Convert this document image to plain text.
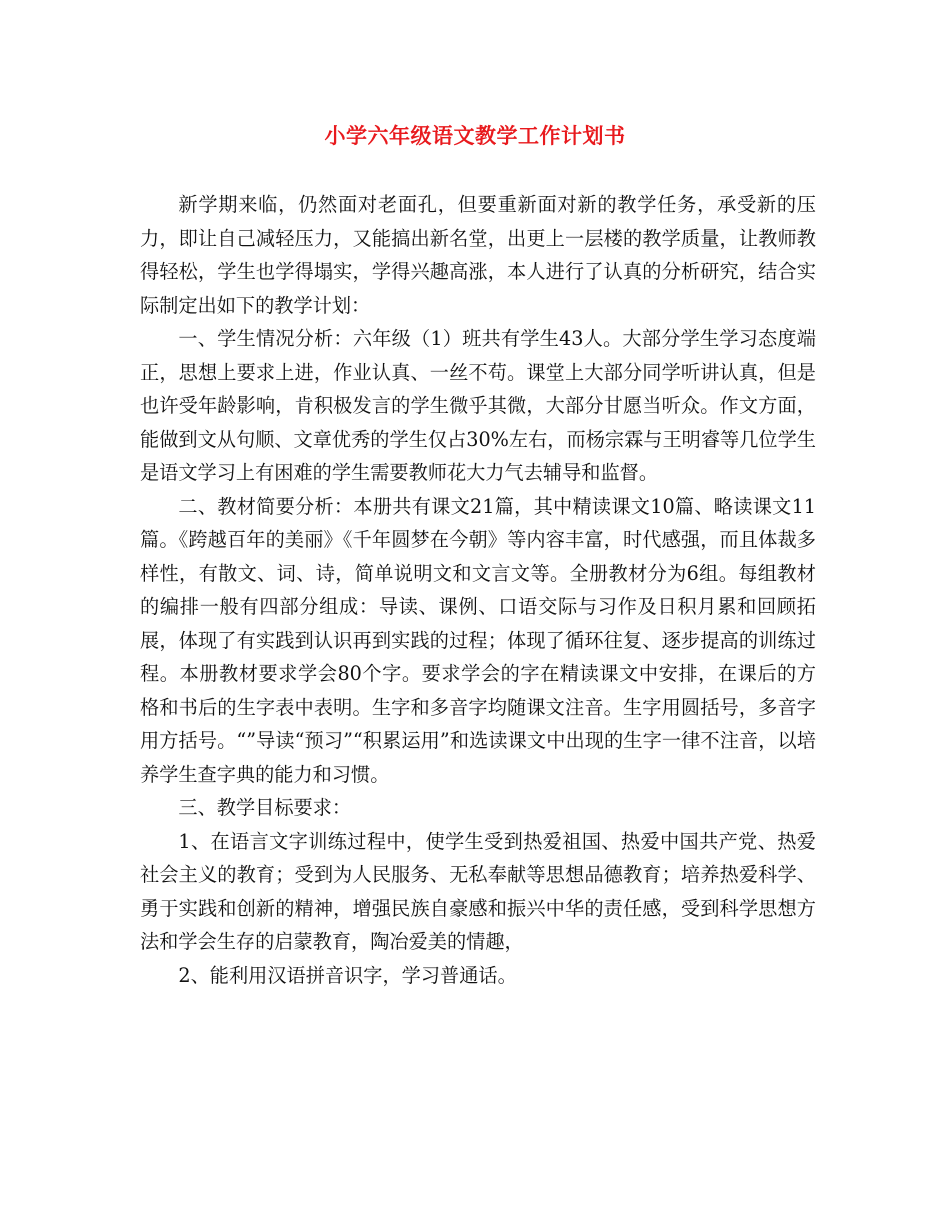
小学六年级语文教学工作计划书

新学期来临，仍然面对老面孔，但要重新面对新的教学任务，承受新的压力，即让自己减轻压力，又能搞出新名堂，出更上一层楼的教学质量，让教师教得轻松，学生也学得塌实，学得兴趣高涨，本人进行了认真的分析研究，结合实际制定出如下的教学计划：

一、学生情况分析：六年级（1）班共有学生43人。大部分学生学习态度端正，思想上要求上进，作业认真、一丝不苟。课堂上大部分同学听讲认真，但是也许受年龄影响，肯积极发言的学生微乎其微，大部分甘愿当听众。作文方面，能做到文从句顺、文章优秀的学生仅占30%左右，而杨宗霖与王明睿等几位学生是语文学习上有困难的学生需要教师花大力气去辅导和监督。

二、教材简要分析：本册共有课文21篇，其中精读课文10篇、略读课文11篇。《跨越百年的美丽》《千年圆梦在今朝》等内容丰富，时代感强，而且体裁多样性，有散文、词、诗，简单说明文和文言文等。全册教材分为6组。每组教材的编排一般有四部分组成：导读、课例、口语交际与习作及日积月累和回顾拓展，体现了有实践到认识再到实践的过程；体现了循环往复、逐步提高的训练过程。本册教材要求学会80个字。要求学会的字在精读课文中安排，在课后的方格和书后的生字表中表明。生字和多音字均随课文注音。生字用圆括号，多音字用方括号。“”导读“预习”“积累运用”和选读课文中出现的生字一律不注音，以培养学生查字典的能力和习惯。

三、教学目标要求：

1、在语言文字训练过程中，使学生受到热爱祖国、热爱中国共产党、热爱社会主义的教育；受到为人民服务、无私奉献等思想品德教育；培养热爱科学、勇于实践和创新的精神，增强民族自豪感和振兴中华的责任感，受到科学思想方法和学会生存的启蒙教育，陶冶爱美的情趣，

2、能利用汉语拼音识字，学习普通话。
